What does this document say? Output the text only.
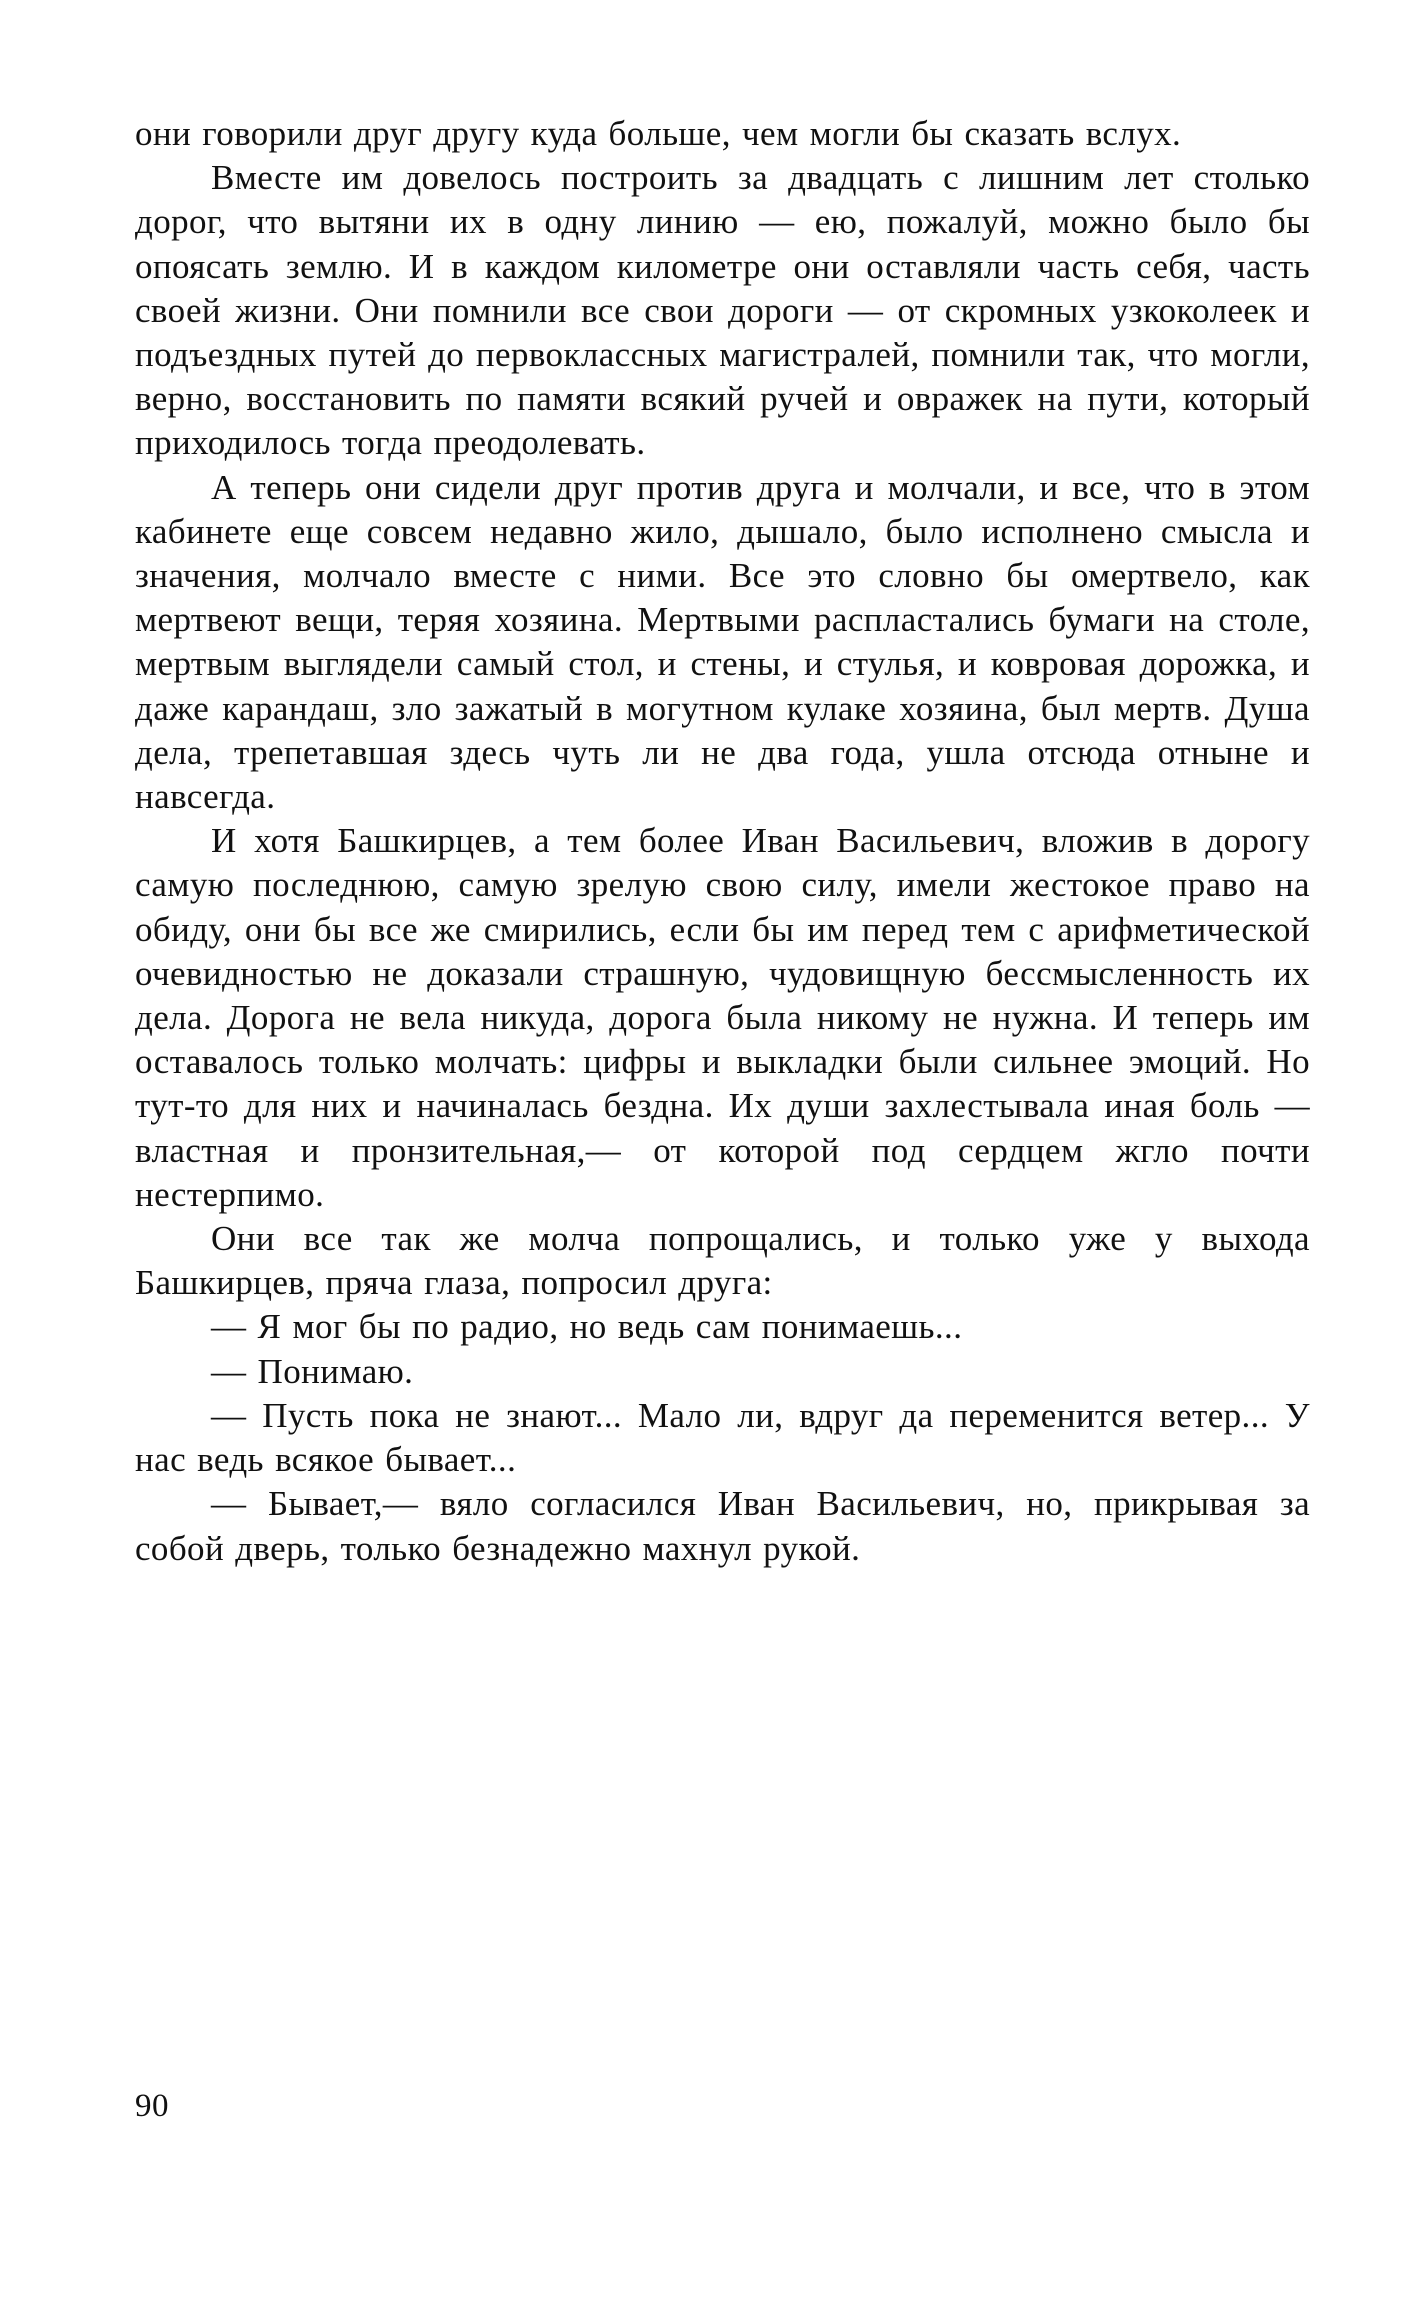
они говорили друг другу куда больше, чем могли бы сказать вслух.

Вместе им довелось построить за двадцать с лишним лет столько дорог, что вытяни их в одну линию — ею, пожалуй, можно было бы опоясать землю. И в каждом километре они оставляли часть себя, часть своей жизни. Они помнили все свои дороги — от скромных узкоколеек и подъездных путей до первоклассных магистралей, помнили так, что могли, верно, восстановить по памяти всякий ручей и овражек на пути, который приходилось тогда преодолевать.

А теперь они сидели друг против друга и молчали, и все, что в этом кабинете еще совсем недавно жило, дышало, было исполнено смысла и значения, молчало вместе с ними. Все это словно бы омертвело, как мертвеют вещи, теряя хозяина. Мертвыми распластались бумаги на столе, мертвым выглядели самый стол, и стены, и стулья, и ковровая дорожка, и даже карандаш, зло зажатый в могутном кулаке хозяина, был мертв. Душа дела, трепетавшая здесь чуть ли не два года, ушла отсюда отныне и навсегда.

И хотя Башкирцев, а тем более Иван Васильевич, вложив в дорогу самую последнюю, самую зрелую свою силу, имели жестокое право на обиду, они бы все же смирились, если бы им перед тем с арифметической очевидностью не доказали страшную, чудовищную бессмысленность их дела. Дорога не вела никуда, дорога была никому не нужна. И теперь им оставалось только молчать: цифры и выкладки были сильнее эмоций. Но тут-то для них и начиналась бездна. Их души захлестывала иная боль — властная и пронзительная,— от которой под сердцем жгло почти нестерпимо.

Они все так же молча попрощались, и только уже у выхода Башкирцев, пряча глаза, попросил друга:

— Я мог бы по радио, но ведь сам понимаешь...

— Понимаю.

— Пусть пока не знают... Мало ли, вдруг да переменится ветер... У нас ведь всякое бывает...

— Бывает,— вяло согласился Иван Васильевич, но, прикрывая за собой дверь, только безнадежно махнул рукой.

90
